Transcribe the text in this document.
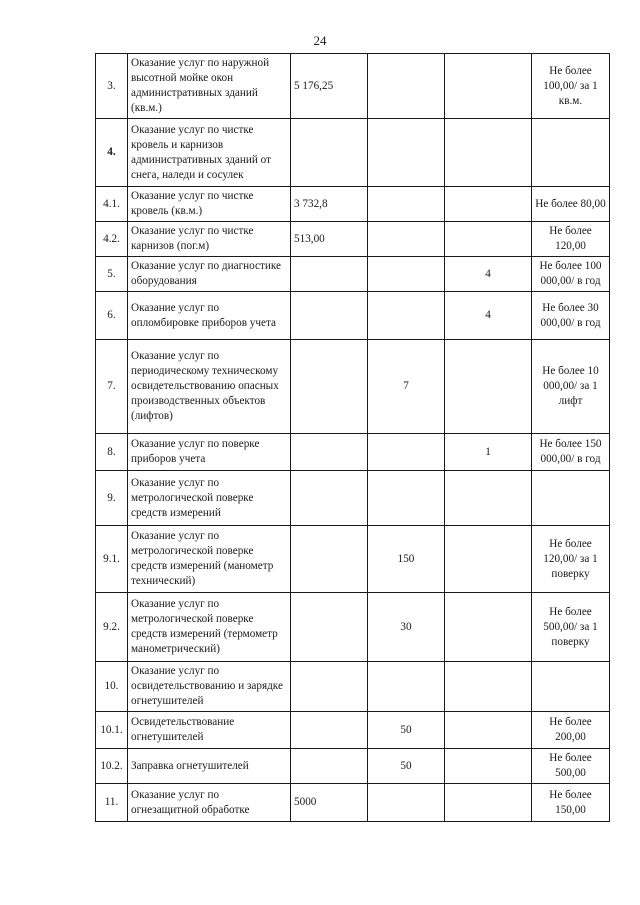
24
3.	Оказание услуг по наружной высотной мойке окон административных зданий (кв.м.)	5 176,25			Не более 100,00/ за 1 кв.м.
4.	Оказание услуг по чистке кровель и карнизов административных зданий от снега, наледи и сосулек				
4.1.	Оказание услуг по чистке кровель (кв.м.)	3 732,8			Не более 80,00
4.2.	Оказание услуг по чистке карнизов (пог.м)	513,00			Не более 120,00
5.	Оказание услуг по диагностике оборудования			4	Не более 100 000,00/ в год
6.	Оказание услуг по опломбировке приборов учета			4	Не более 30 000,00/ в год
7.	Оказание услуг по периодическому техническому освидетельствованию опасных производственных объектов (лифтов)		7		Не более 10 000,00/ за 1 лифт
8.	Оказание услуг по поверке приборов учета			1	Не более 150 000,00/ в год
9.	Оказание услуг по метрологической поверке средств измерений				
9.1.	Оказание услуг по метрологической поверке средств измерений (манометр технический)		150		Не более 120,00/ за 1 поверку
9.2.	Оказание услуг по метрологической поверке средств измерений (термометр манометрический)		30		Не более 500,00/ за 1 поверку
10.	Оказание услуг по освидетельствованию и зарядке огнетушителей				
10.1.	Освидетельствование огнетушителей		50		Не более 200,00
10.2.	Заправка огнетушителей		50		Не более 500,00
11.	Оказание услуг по огнезащитной обработке	5000			Не более 150,00
